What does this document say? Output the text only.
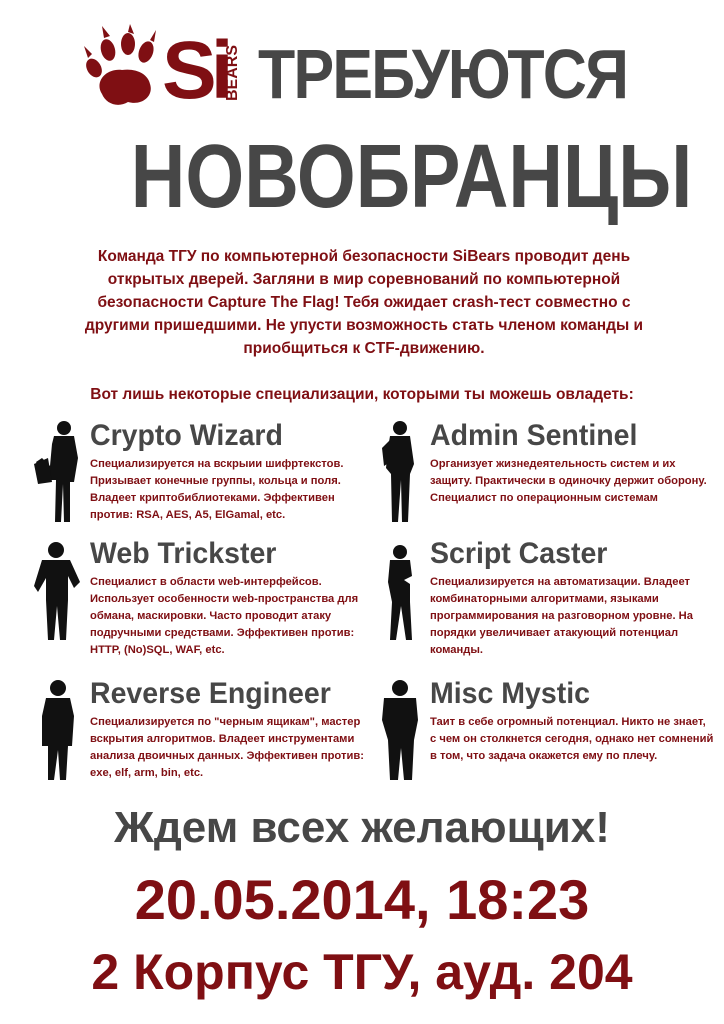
Si
BEARS ТРЕБУЮТСЯ
НОВОБРАНЦЫ
Команда ТГУ по компьютерной безопасности SiBears проводит день открытых дверей. Загляни в мир соревнований по компьютерной безопасности Capture The Flag! Тебя ожидает crash-тест совместно с другими пришедшими. Не упусти возможность стать членом команды и приобщиться к CTF-движению.
Вот лишь некоторые специализации, которыми ты можешь овладеть:
Crypto Wizard
Специализируется на вскрыии шифртекстов. Призывает конечные группы, кольца и поля. Владеет криптобиблиотеками. Эффективен против: RSA, AES, A5, ElGamal, etc.
Admin Sentinel
Организует жизнедеятельность систем и их защиту. Практически в одиночку держит оборону. Специалист по операционным системам
Web Trickster
Специалист в области web-интерфейсов. Использует особенности web-пространства для обмана, маскировки. Часто проводит атаку подручными средствами. Эффективен против: HTTP, (No)SQL, WAF, etc.
Script Caster
Специализируется на автоматизации. Владеет комбинаторными алгоритмами, языками программирования на разговорном уровне. На порядки увеличивает атакующий потенциал команды.
Reverse Engineer
Специализируется по "черным ящикам", мастер вскрытия алгоритмов. Владеет инструментами анализа двоичных данных. Эффективен против: exe, elf, arm, bin, etc.
Misc Mystic
Таит в себе огромный потенциал. Никто не знает, с чем он столкнется сегодня, однако нет сомнений в том, что задача окажется ему по плечу.
Ждем всех желающих!
20.05.2014, 18:23
2 Корпус ТГУ, ауд. 204
